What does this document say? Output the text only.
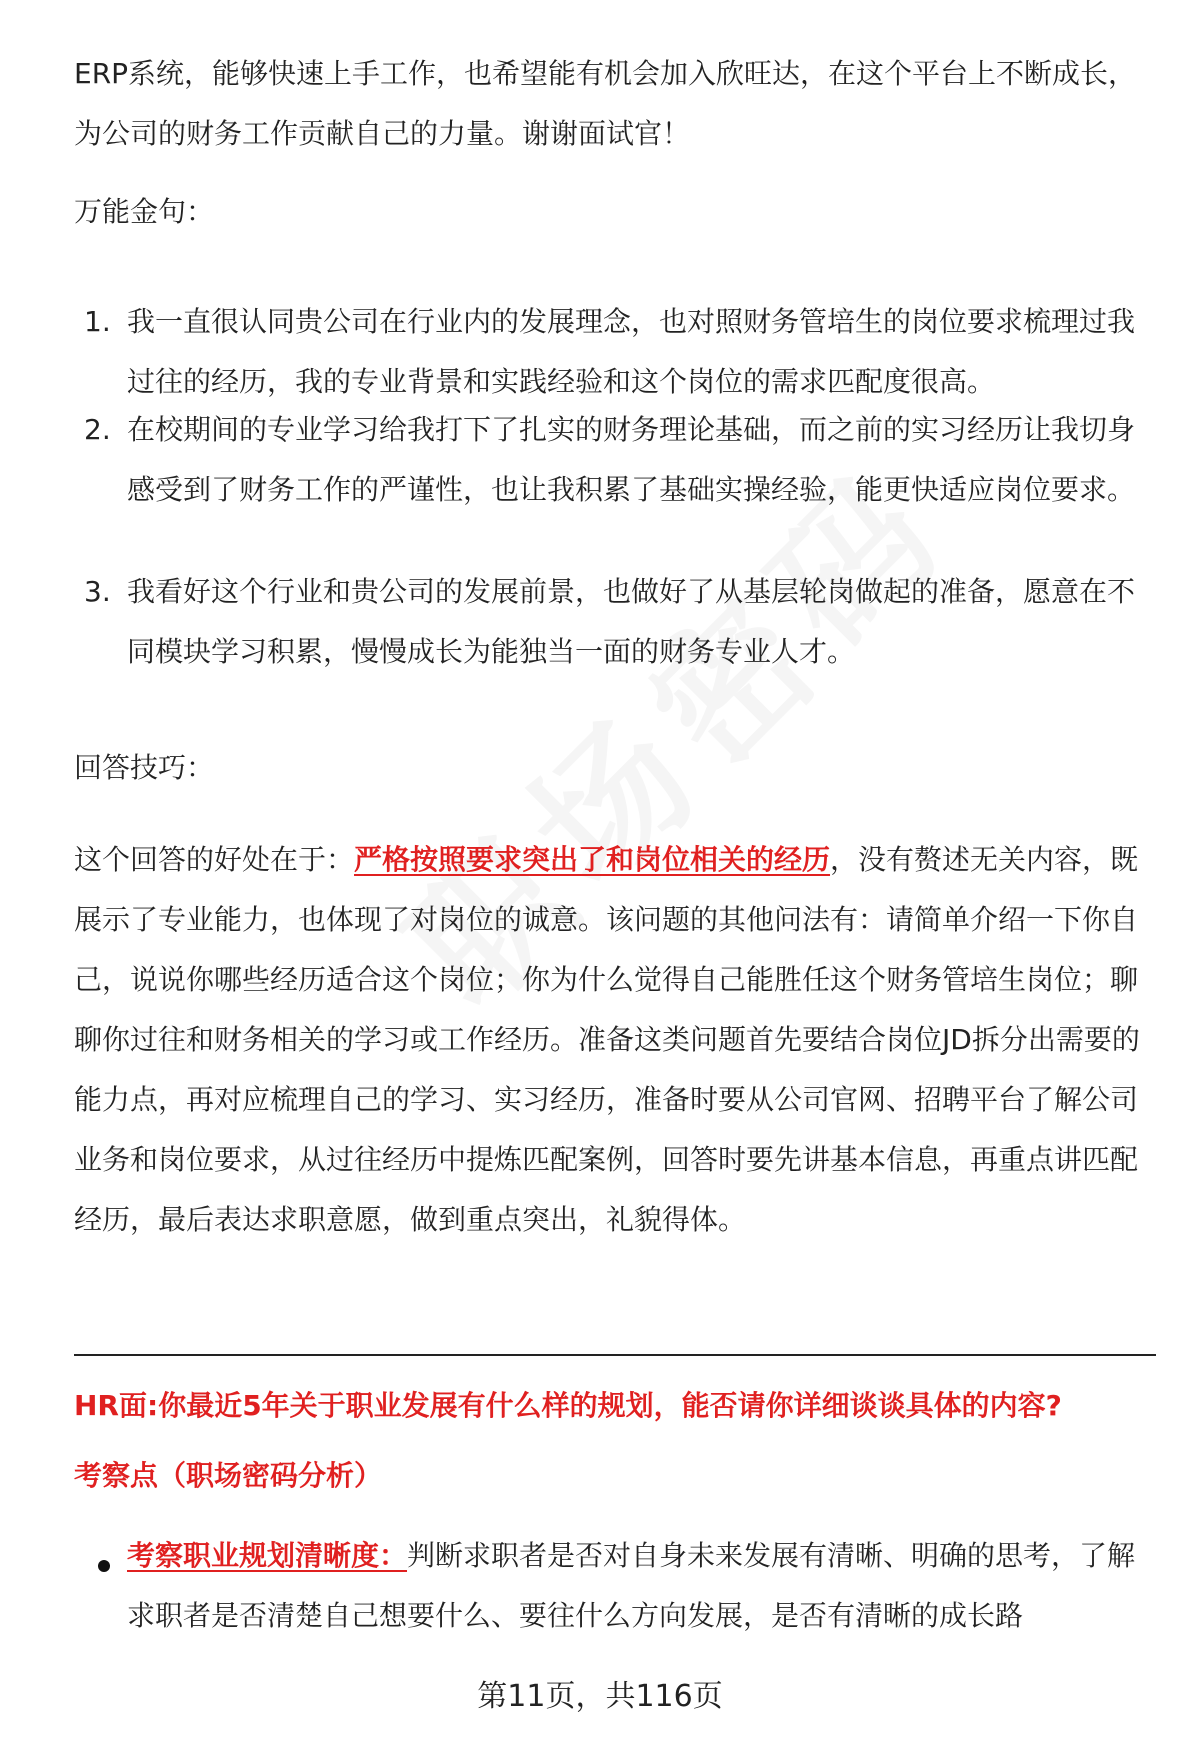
ERP系统，能够快速上手工作，也希望能有机会加入欣旺达，在这个平台上不断成长，为公司的财务工作贡献自己的力量。谢谢面试官！

万能金句：

1. 我一直很认同贵公司在行业内的发展理念，也对照财务管培生的岗位要求梳理过我过往的经历，我的专业背景和实践经验和这个岗位的需求匹配度很高。

2. 在校期间的专业学习给我打下了扎实的财务理论基础，而之前的实习经历让我切身感受到了财务工作的严谨性，也让我积累了基础实操经验，能更快适应岗位要求。

3. 我看好这个行业和贵公司的发展前景，也做好了从基层轮岗做起的准备，愿意在不同模块学习积累，慢慢成长为能独当一面的财务专业人才。

回答技巧：

这个回答的好处在于：严格按照要求突出了和岗位相关的经历，没有赘述无关内容，既展示了专业能力，也体现了对岗位的诚意。该问题的其他问法有：请简单介绍一下你自己，说说你哪些经历适合这个岗位；你为什么觉得自己能胜任这个财务管培生岗位；聊聊你过往和财务相关的学习或工作经历。准备这类问题首先要结合岗位JD拆分出需要的能力点，再对应梳理自己的学习、实习经历，准备时要从公司官网、招聘平台了解公司业务和岗位要求，从过往经历中提炼匹配案例，回答时要先讲基本信息，再重点讲匹配经历，最后表达求职意愿，做到重点突出，礼貌得体。

HR面:你最近5年关于职业发展有什么样的规划，能否请你详细谈谈具体的内容?

考察点（职场密码分析）

考察职业规划清晰度：判断求职者是否对自身未来发展有清晰、明确的思考，了解求职者是否清楚自己想要什么、要往什么方向发展，是否有清晰的成长路

第11页，共116页
